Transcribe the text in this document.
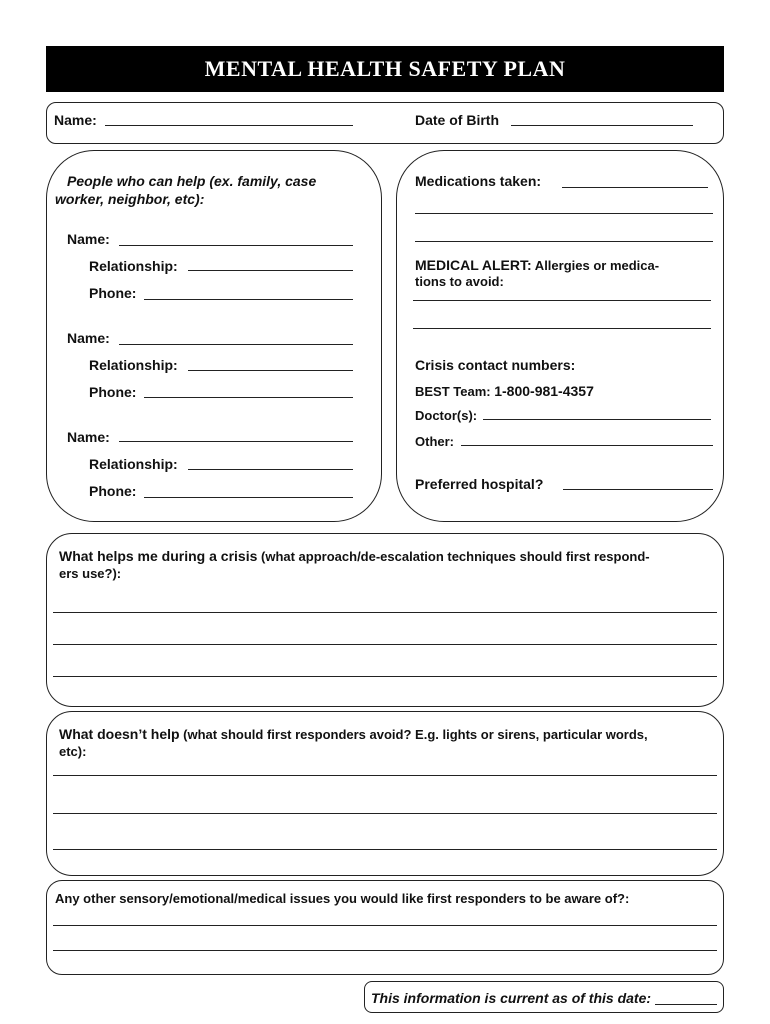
MENTAL HEALTH SAFETY PLAN
Name:	Date of Birth
People who can help (ex. family, case
worker, neighbor, etc):
Name:
Relationship:
Phone:
Name:
Relationship:
Phone:
Name:
Relationship:
Phone:
Medications taken:
MEDICAL ALERT: Allergies or medica-
tions to avoid:
Crisis contact numbers:
BEST Team: 1-800-981-4357
Doctor(s):
Other:
Preferred hospital?
What helps me during a crisis (what approach/de-escalation techniques should first respond-
ers use?):
What doesn’t help (what should first responders avoid? E.g. lights or sirens, particular words,
etc):
Any other sensory/emotional/medical issues you would like first responders to be aware of?:
This information is current as of this date:
